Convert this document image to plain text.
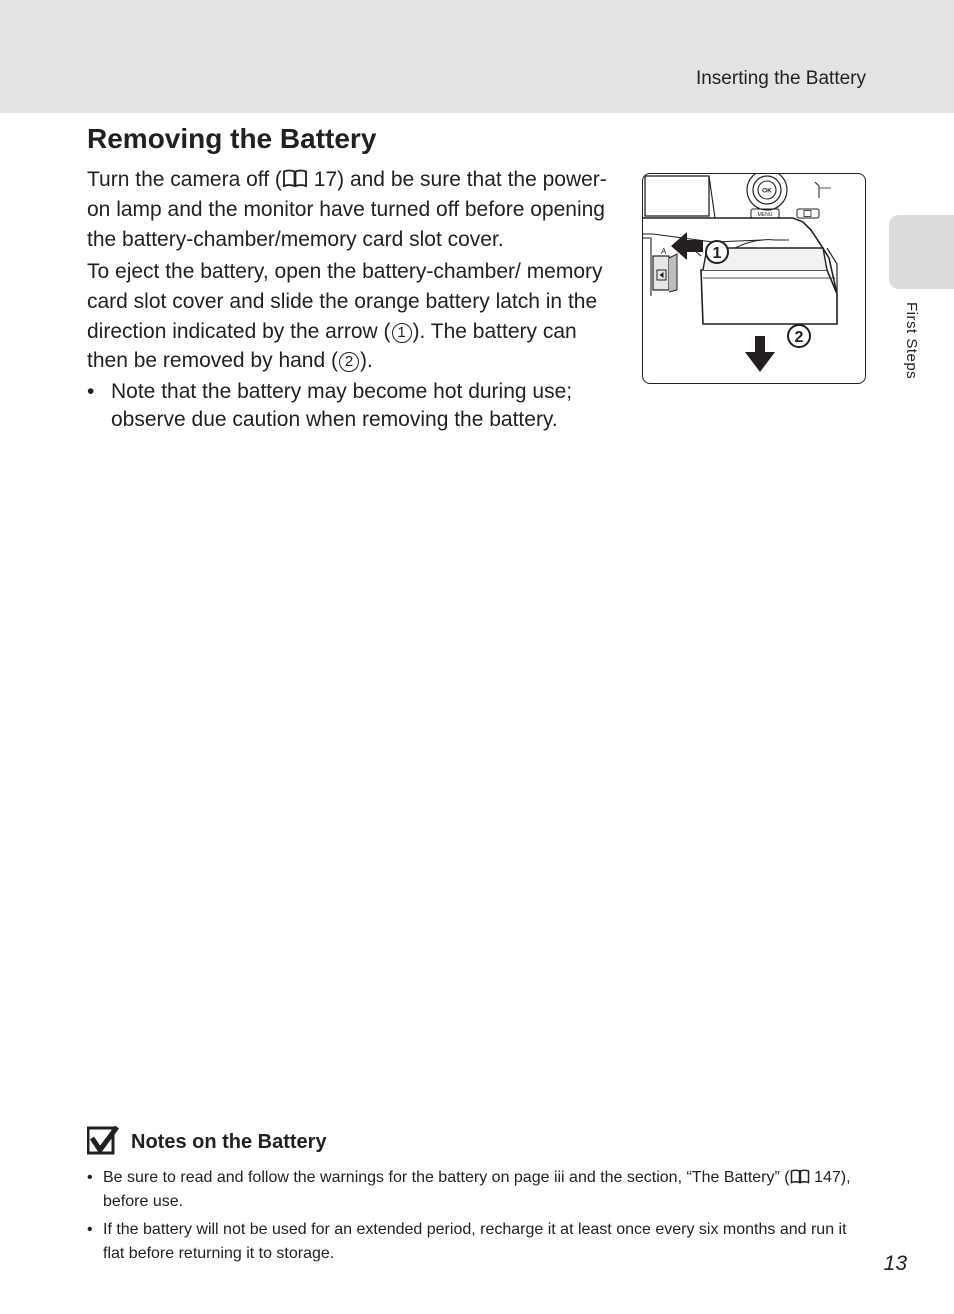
Inserting the Battery
First Steps
Removing the Battery

Turn the camera off ( 17) and be sure that the power-on lamp and the monitor have turned off before opening the battery-chamber/memory card slot cover.

To eject the battery, open the battery-chamber/ memory card slot cover and slide the orange battery latch in the direction indicated by the arrow ( 1 ). The battery can then be removed by hand ( 2 ).

• Note that the battery may become hot during use; observe due caution when removing the battery.
OK
MENU
A	1
2
Notes on the Battery
• Be sure to read and follow the warnings for the battery on page iii and the section, “The Battery” ( 147), before use.
• If the battery will not be used for an extended period, recharge it at least once every six months and run it flat before returning it to storage.	13
